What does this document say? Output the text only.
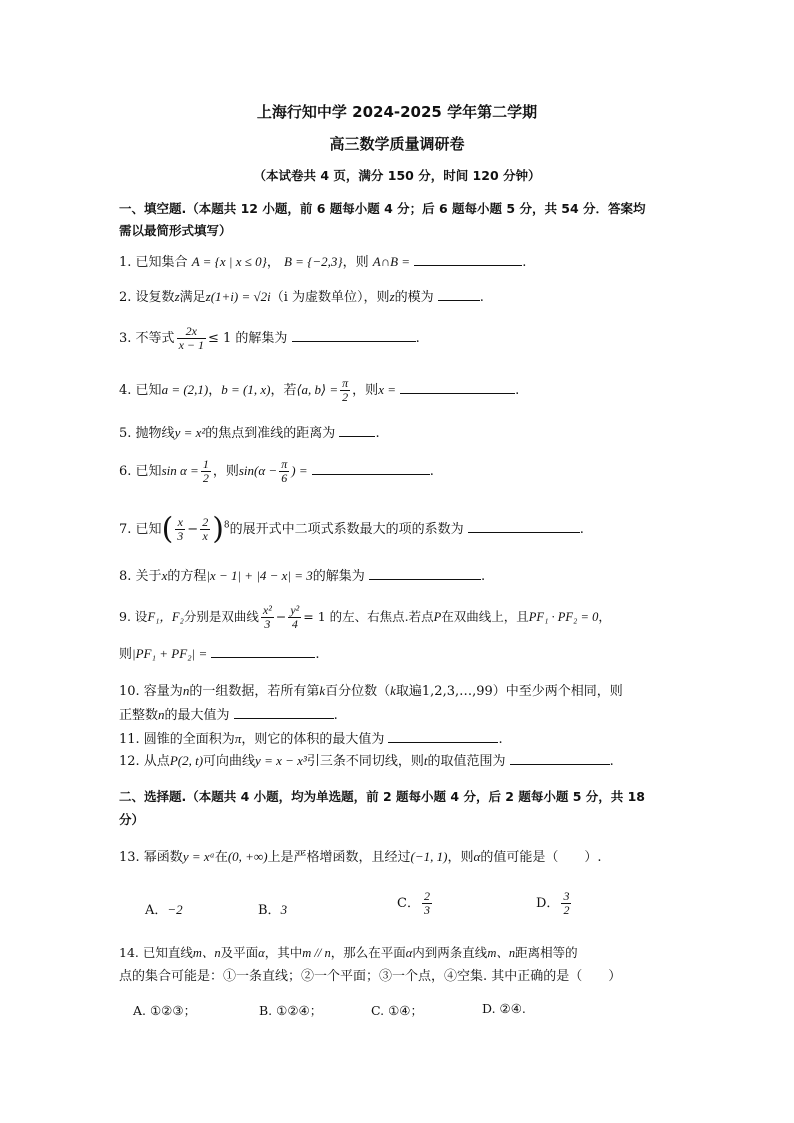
上海行知中学 2024-2025 学年第二学期
高三数学质量调研卷
（本试卷共 4 页，满分 150 分，时间 120 分钟）
一、填空题.（本题共 12 小题，前 6 题每小题 4 分；后 6 题每小题 5 分，共 54 分．答案均
需以最简形式填写）
1. 已知集合 A = {x | x ≤ 0}， B = {−2,3}，则 A∩B =	.
2. 设复数z满足z(1+i) = √2i（i 为虚数单位），则z的模为	.
3. 不等式 $\frac{2x}{x - 1} \le 1$ 的解集为	.
4. 已知a = (2,1)，b = (1, x)，若⟨a, b⟩ = $\frac{\pi}{2}$ ，则x =	.
5. 抛物线y = x²的焦点到准线的距离为	.
6. 已知$\sin \alpha = \frac{1}{2}$ ，则$\sin(\alpha - \frac{\pi}{6}$ ) =	.
7. 已知( $\frac{x}{3} - \frac{2}{x} )^8$的展开式中二项式系数最大的项的系数为	.
8. 关于x的方程|x − 1| + |4 − x| = 3的解集为	.
9. 设F₁，F₂分别是双曲线 $\frac{\text{x²}}{3} - \frac{\text{y²}}{4} = 1$ 的左、右焦点.若点P在双曲线上，且PF₁ · PF₂ = 0，
则|PF₁ + PF₂| =	.
10. 容量为n的一组数据，若所有第k百分位数（k取遍1,2,3,…,99）中至少两个相同，则
正整数n的最大值为	.
11. 圆锥的全面积为π，则它的体积的最大值为	.
12. 从点P(2, t)可向曲线y = x − x³引三条不同切线，则t的取值范围为	.
二、选择题.（本题共 4 小题，均为单选题，前 2 题每小题 4 分，后 2 题每小题 5 分，共 18
分）
13. 幂函数y = xᵃ在(0, +∞)上是严格增函数，且经过(−1, 1)，则α的值可能是（　　）.
A．−2	B．3	C． $\frac{2}{3}$	D． $\frac{3}{2}$
14. 已知直线m、n及平面α，其中m // n，那么在平面α内到两条直线m、n距离相等的
点的集合可能是：①一条直线；②一个平面；③一个点，④空集. 其中正确的是（　　）
A. ①②③；	B. ①②④；	C. ①④；	D. ②④.
